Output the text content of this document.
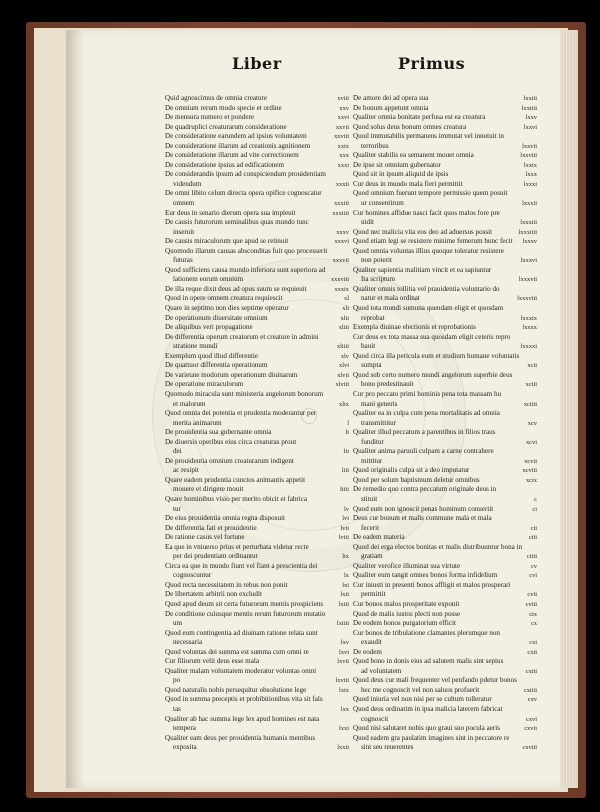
Liber	Primus
Quid agnoscimus de omnia creature	xviii
De omnium rerum modo specie et ordine	xxv
De mensura numero et pondere	xxvi
De quadruplici creaturarum consideratione	xxvii
De consideratione earundem ad ipsius voluntatem	xxviii
De consideratione illarum ad creationis agnitionem	xxix
De consideratione illarum ad vite correctionem	xxx
De consideratione ipsius ad edificationem	xxxi
De considerandis ipsum ad conspiciendum prouidentiam
videndum	xxxii
De omni libito celum directa opera opifice cognoscatur
omnem	xxxiii
Eur deus in senario dierum opera sua impleuit	xxxiiii
De causis futurorum seminalibus quas mundo tunc
inseruit	xxxv
De causis miraculorum que apud se retinuit	xxxvi
Quomodo illarum causas absconditas fuit quo processerit
futuras	xxxvii
Quod sufficiens causa mundo inferiora sunt superiora ad
lationem eorum omnium	xxxviii
De illa reque dixit deus ad opus suum se requieuit	xxxix
Quod in opere omnem creatura requiescit	xl
Quare in septimo non dies septime operatur	xli
De operationum diuersitate omnium	xlii
De aliquibus veri propagatione	xliii
De differentia operum creatorum et creature in admini
stratione mundi	xliiii
Exemplum quod illud differentie	xlv
De quattuor differentia operationum	xlvi
De varietate modorum operationum diuinarum	xlvii
De operatione miraculorum	xlviii
Quomodo miracula sunt ministeria angelorum bonorum
et malorum	xlix
Quod omnia dei potentia et prudentia moderantur per
merita animarum	l
De prouidentia sua gubernante omnia	li
De diuersis operibus eius circa creaturas prout
dei	lii
De prouidentia omnium creaturarum indigent
ac resipit	liii
Quare eadem prudentia cunctos animantis appetit
mouere et dirigere mouit	liiii
Quare hominibus visio per merito obicit et fabrica
tur	lv
De eius prouidentia omnia regna disposuit	lvi
De differentia fati et prouidentie	lvii
De ratione casus vel fortune	lviii
Ea que in vniuerso prius et perturbata videtur recte
per dei prudentiam ordinantur	lix
Circa ea que in mundo fiunt vel fiant a prescientia dei
cognoscuntur	lx
Quod recta necessitatem in rebus non ponit	lxi
De libertatem arbitrii non excludit	lxii
Quod apud deum sit certa futurorum mentis prospiciens lxiii
De conditione cuiusque mentis rerum futurorum mutatio
um	lxiiii
Quod eum contingentia ad diuinam ratione relata sunt
necessaria	lxv
Quod voluntas dei summa est summa cum omni re	lxvi
Cur filiorum velit deus esse mala	lxvii
Qualiter malam voluntatem moderatur voluntas omni
po	lxviii
Quod naturalis nobis persequitur obsolutione lege	lxix
Quod in summa preceptis et prohibitionibus vita sit fals
tas	lxx
Qualiter ab hac summa lege lex apud homines est nata
tempera	lxxi
Qualiter eam deus per prouidentia humanis mentibus
exposita	lxxii
De amore dei ad opera sua	lxxiii
De bonum appetunt omnia	lxxiiii
Qualiter omnia bonitate perfusa est ea creatura	lxxv
Quod solus deus bonum omnes creatura	lxxvi
Quod immutabilis permanens immutat vel innotuit in
terroribus	lxxvii
Qualiter stabilis ea semanent mouet omnia	lxxviii
De ipse sit omnium gubernator	lxxix
Quod sit in ipsum aliquid de ipsis	lxxx
Cur deus in mundo mala fieri permittit	lxxxi
Quod omnium fuerunt tempore permissio quem posuit
ur consentirum	lxxxii
Cur homines affidue nasci facit quos malos fore pre
uidit	lxxxiii
Quod nec malicia vita eos deo ad aduersus possit	lxxxiiii
Quod etiam legi se resistere minime femerum hunc fecit lxxxv
Quod omnia voluntas illius quoque toleratur resistere
non poterit	lxxxvi
Qualiter sapientia malitiam vincit et ea sapiuntur
Ita scriptum	lxxxvii
Qualiter omnis tollitia vel prauidentia voluntario do
natur et mala ordinat	lxxxviii
Quod tota mundi sumuna quendam eligit et quosdam
reprobat	lxxxix
Exempla diuinae electionis et reprobationis	lxxxx
Cur deus ex tota massa sua quosdam eligit ceteris repro
bauit	lxxxxi
Quod circa illa pericula eum et studium humane voluntatis
sumpta	xcii
Quod sub certo numero mundi angelorum superbie deus
bono predestinauit	xciii
Cur pro peccato primi hominis pena tota massam hu
mani generis	xciiii
Qualiter ea in culpa cum pena mortalitatis ad omnia
transmittitur	xcv
Qualiter illud peccatum a parentibus in filios traus
funditur	xcvi
Qualiter anima paruuli culpam a carne contrahere
mittitur	xcvii
Quod originalis culpa sit a deo imputatur	xcviii
Quod per solum baptismum deletur omnibus	xcix
De remedio quo contra peccatum originale deus in
stituit	c
Quod eum non ignoscit penas hominum conuertit	ci
Deus cur bonum et malis commune mala et mala
fecerit	cii
De eadem materia	ciii
Quod dei erga electos bonitas et malis distribuuntur bona in
gratiam	ciiii
Qualiter verofice illuminat sua virtute	cv
Qualiter eum tangit omnes bonos forma infidelium	cvi
Cur iniusti in presenti bonos affligit et malos prosperari
permittit	cvii
Cur bonos malos prosperitate exponit	cviii
Quod de malis iustos plecti non posse	cix
De eodem bonos purgatorium efficit	cx
Cur bonos de tribulatione clamantes plerumque non
exaudit	cxi
De eodem	cxii
Quod bono in donis eius ad salutem malis sint sepius
ad voluntatem	cxiii
Quod deus cur mali frequenter vel penfando pdetur bonos
hec me cognoscit vel non saluos profuerit	cxiiii
Quod iniuria vel non nisi per se cultum tolleratur	cxv
Quod deus ordinatim in ipsa malicia laterem fabricat
cognoscit	cxvi
Quod nisi salutaret nobis quo graui suo pocula aeris	cxvii
Quod eadem gra paulatim imagines sint in peccatore re
sint seu reuerentes	cxviii
